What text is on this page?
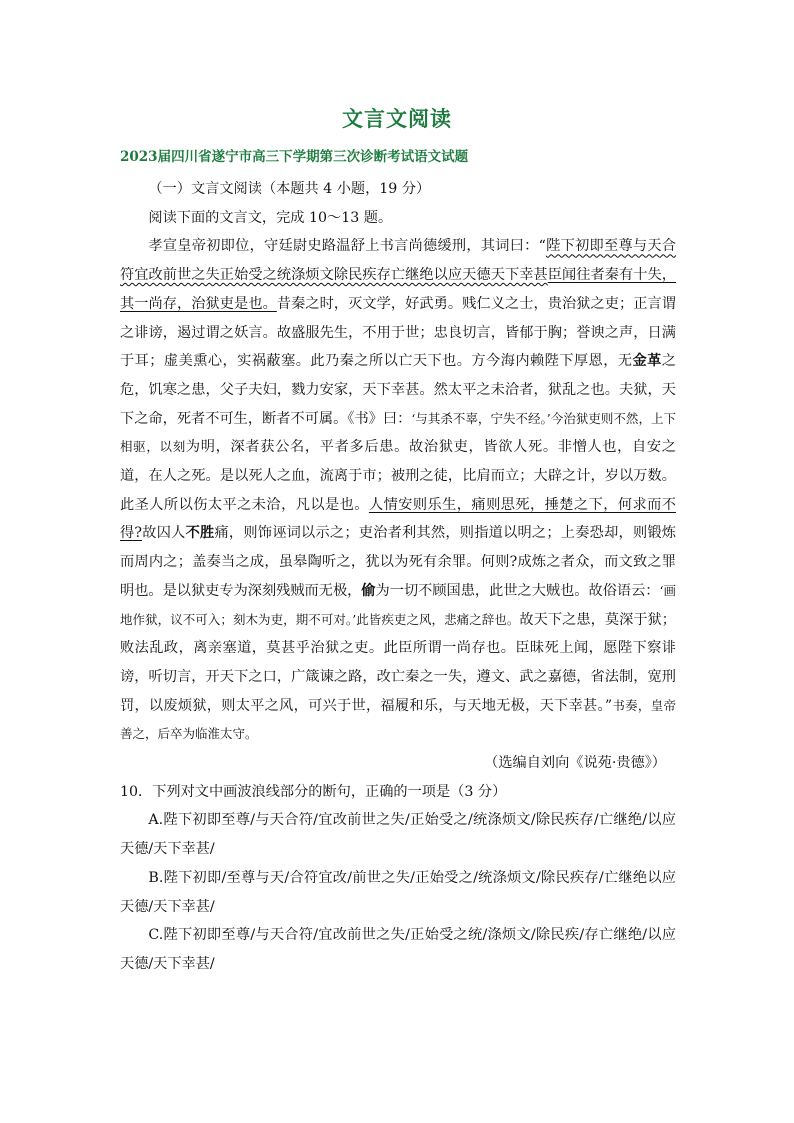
文言文阅读
2023届四川省遂宁市高三下学期第三次诊断考试语文试题

（一）文言文阅读（本题共 4 小题，19 分）

阅读下面的文言文，完成 10～13 题。

孝宣皇帝初即位，守廷尉史路温舒上书言尚德缓刑，其词曰：“陛下初即至尊与天合符宜改前世之失正始受之统涤烦文除民疾存亡继绝以应天德天下幸甚臣闻往者秦有十失，其一尚存，治狱吏是也。昔秦之时，灭文学，好武勇。贱仁义之士，贵治狱之吏；正言谓之诽谤，遏过谓之妖言。故盛服先生，不用于世；忠良切言，皆郁于胸；誉谀之声，日满于耳；虚美熏心，实祸蔽塞。此乃秦之所以亡天下也。方今海内赖陛下厚恩，无金革之危，饥寒之患，父子夫妇，戮力安家，天下幸甚。然太平之未洽者，狱乱之也。夫狱，天下之命，死者不可生，断者不可属。《书》曰：‘与其杀不辜，宁失不经。’今治狱吏则不然，上下相驱，以刻为明，深者获公名，平者多后患。故治狱吏，皆欲人死。非憎人也，自安之道，在人之死。是以死人之血，流离于市；被刑之徒，比肩而立；大辟之计，岁以万数。此圣人所以伤太平之未洽，凡以是也。人情安则乐生，痛则思死，捶楚之下，何求而不得?故囚人不胜痛，则饰诬词以示之；吏治者利其然，则指道以明之；上奏恐却，则锻炼而周内之；盖奏当之成，虽皋陶听之，犹以为死有余罪。何则?成炼之者众，而文致之罪明也。是以狱吏专为深刻残贼而无极，偷为一切不顾国患，此世之大贼也。故俗语云：‘画地作狱，议不可入；刻木为吏，期不可对。’此皆疾吏之风，悲痛之辞也。故天下之患，莫深于狱；败法乱政，离亲塞道，莫甚乎治狱之吏。此臣所谓一尚存也。臣昧死上闻，愿陛下察诽谤，听切言，开天下之口，广箴谏之路，改亡秦之一失，遵文、武之嘉德，省法制，宽刑罚，以废烦狱，则太平之风，可兴于世，福履和乐，与天地无极，天下幸甚。”书奏，皇帝善之，后卒为临淮太守。

（选编自刘向《说苑·贵德》）

10．下列对文中画波浪线部分的断句，正确的一项是（3 分）

A.陛下初即至尊/与天合符/宜改前世之失/正始受之/统涤烦文/除民疾存/亡继绝/以应天德/天下幸甚/

B.陛下初即/至尊与天/合符宜改/前世之失/正始受之/统涤烦文/除民疾存/亡继绝以应天德/天下幸甚/

C.陛下初即至尊/与天合符/宜改前世之失/正始受之统/涤烦文/除民疾/存亡继绝/以应天德/天下幸甚/
